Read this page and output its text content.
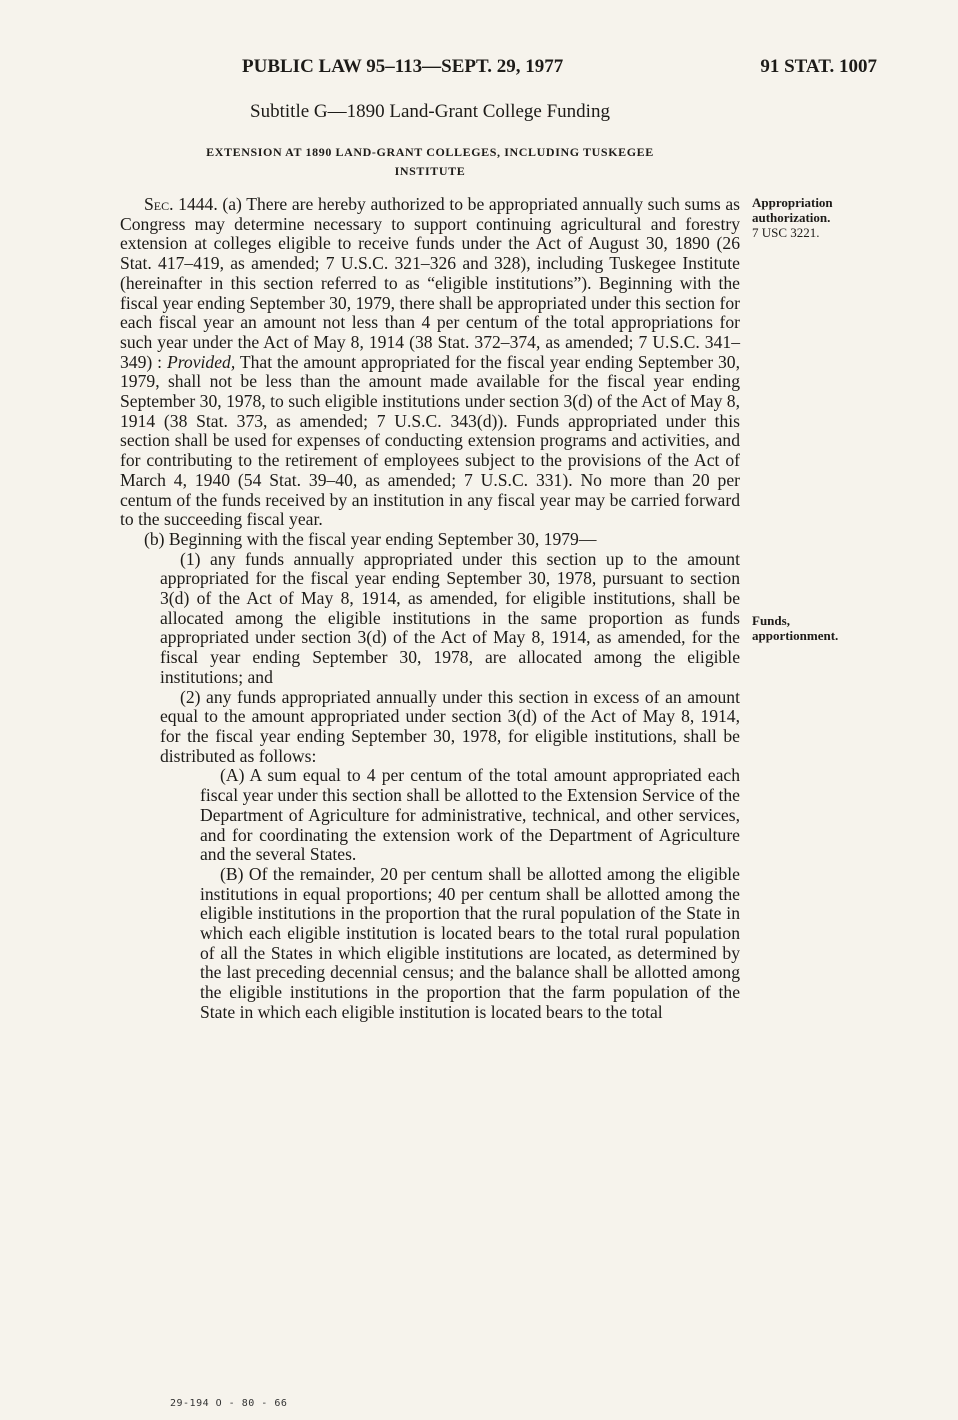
PUBLIC LAW 95–113—SEPT. 29, 1977	91 STAT. 1007
Subtitle G—1890 Land-Grant College Funding
EXTENSION AT 1890 LAND-GRANT COLLEGES, INCLUDING TUSKEGEE
INSTITUTE

Sec. 1444. (a) There are hereby authorized to be appropriated annually such sums as Congress may determine necessary to support continuing agricultural and forestry extension at colleges eligible to receive funds under the Act of August 30, 1890 (26 Stat. 417–419, as amended; 7 U.S.C. 321–326 and 328), including Tuskegee Institute (hereinafter in this section referred to as “eligible institutions”). Beginning with the fiscal year ending September 30, 1979, there shall be appropriated under this section for each fiscal year an amount not less than 4 per centum of the total appropriations for such year under the Act of May 8, 1914 (38 Stat. 372–374, as amended; 7 U.S.C. 341–349) : Provided, That the amount appropriated for the fiscal year ending September 30, 1979, shall not be less than the amount made available for the fiscal year ending September 30, 1978, to such eligible institutions under section 3(d) of the Act of May 8, 1914 (38 Stat. 373, as amended; 7 U.S.C. 343(d)). Funds appropriated under this section shall be used for expenses of conducting extension programs and activities, and for contributing to the retirement of employees subject to the provisions of the Act of March 4, 1940 (54 Stat. 39–40, as amended; 7 U.S.C. 331). No more than 20 per centum of the funds received by an institution in any fiscal year may be carried forward to the succeeding fiscal year.

(b) Beginning with the fiscal year ending September 30, 1979—

(1) any funds annually appropriated under this section up to the amount appropriated for the fiscal year ending September 30, 1978, pursuant to section 3(d) of the Act of May 8, 1914, as amended, for eligible institutions, shall be allocated among the eligible institutions in the same proportion as funds appropriated under section 3(d) of the Act of May 8, 1914, as amended, for the fiscal year ending September 30, 1978, are allocated among the eligible institutions; and

(2) any funds appropriated annually under this section in excess of an amount equal to the amount appropriated under section 3(d) of the Act of May 8, 1914, for the fiscal year ending September 30, 1978, for eligible institutions, shall be distributed as follows:

(A) A sum equal to 4 per centum of the total amount appropriated each fiscal year under this section shall be allotted to the Extension Service of the Department of Agriculture for administrative, technical, and other services, and for coordinating the extension work of the Department of Agriculture and the several States.

(B) Of the remainder, 20 per centum shall be allotted among the eligible institutions in equal proportions; 40 per centum shall be allotted among the eligible institutions in the proportion that the rural population of the State in which each eligible institution is located bears to the total rural population of all the States in which eligible institutions are located, as determined by the last preceding decennial census; and the balance shall be allotted among the eligible institutions in the proportion that the farm population of the State in which each eligible institution is located bears to the total

Appropriation authorization.
7 USC 3221.
Funds, apportionment.
29-194 O - 80 - 66
